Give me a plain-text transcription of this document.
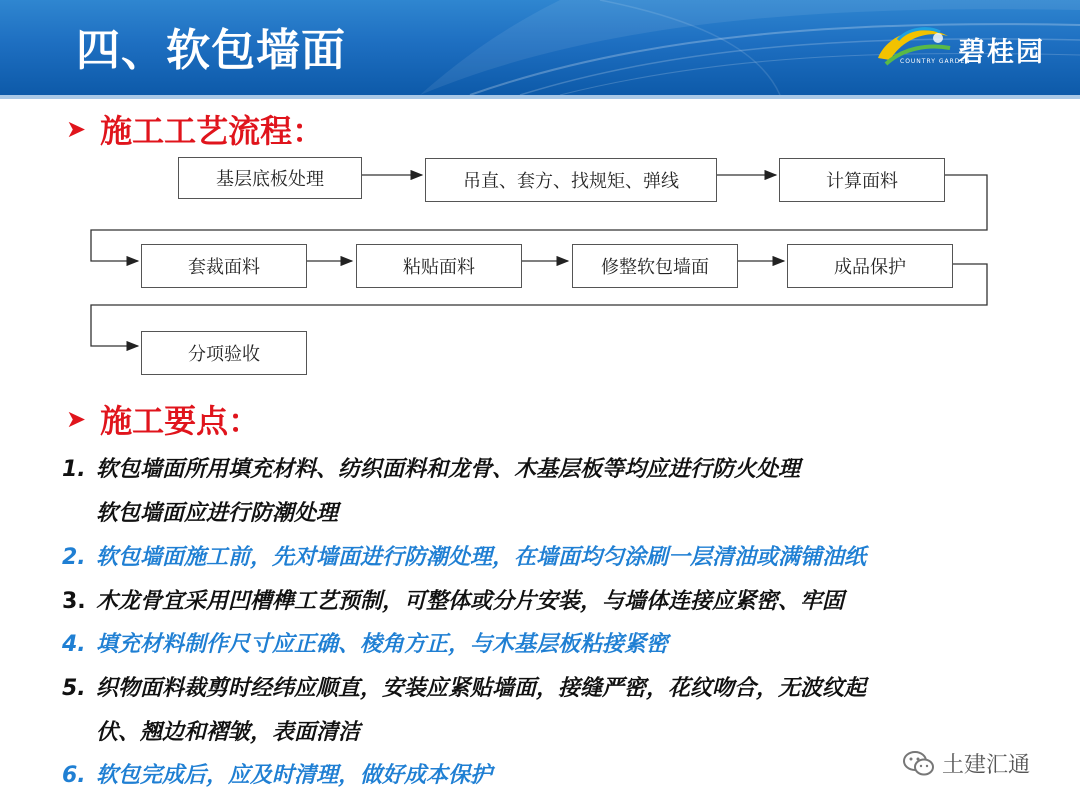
四、软包墙面	碧桂园
COUNTRY GARDEN
➤ 施工工艺流程：
基层底板处理	吊直、套方、找规矩、弹线	计算面料
套裁面料	粘贴面料	修整软包墙面	成品保护
分项验收
➤ 施工要点：
1. 软包墙面所用填充材料、纺织面料和龙骨、木基层板等均应进行防火处理
软包墙面应进行防潮处理
2. 软包墙面施工前，先对墙面进行防潮处理，在墙面均匀涂刷一层清油或满铺油纸
3. 木龙骨宜采用凹槽榫工艺预制，可整体或分片安装，与墙体连接应紧密、牢固
4. 填充材料制作尺寸应正确、棱角方正，与木基层板粘接紧密
5. 织物面料裁剪时经纬应顺直，安装应紧贴墙面，接缝严密，花纹吻合，无波纹起
伏、翘边和褶皱，表面清洁
6. 软包完成后，应及时清理，做好成本保护	土建汇通
